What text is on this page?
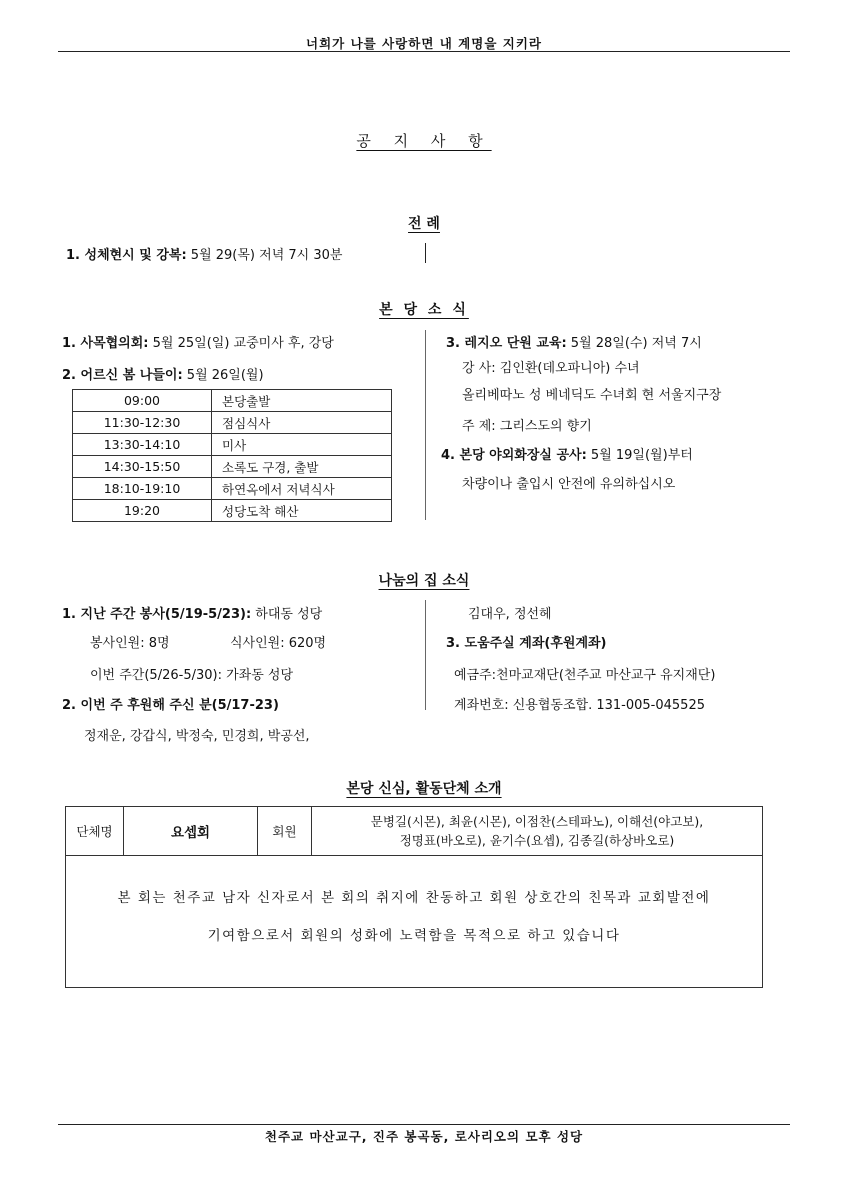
너희가 나를 사랑하면 내 계명을 지키라
공 지 사 항
전 례
1. 성체현시 및 강복: 5월 29(목) 저녁 7시 30분
본 당 소 식
1. 사목협의회: 5월 25일(일) 교중미사 후, 강당
2. 어르신 봄 나들이: 5월 26일(월)
09:00	본당출발
11:30-12:30	점심식사
13:30-14:10	미사
14:30-15:50	소록도 구경, 출발
18:10-19:10	하연옥에서 저녁식사
19:20	성당도착 해산
3. 레지오 단원 교육: 5월 28일(수) 저녁 7시
강 사: 김인환(데오파니아) 수녀
올리베따노 성 베네딕도 수녀회 현 서울지구장
주 제: 그리스도의 향기
4. 본당 야외화장실 공사: 5월 19일(월)부터
차량이나 출입시 안전에 유의하십시오
나눔의 집 소식
1. 지난 주간 봉사(5/19-5/23): 하대동 성당
봉사인원: 8명	식사인원: 620명
이번 주간(5/26-5/30): 가좌동 성당
2. 이번 주 후원해 주신 분(5/17-23)
정재운, 강갑식, 박정숙, 민경희, 박공선,
김대우, 정선헤
3. 도움주실 계좌(후원계좌)
예금주:천마교재단(천주교 마산교구 유지재단)
계좌번호: 신용협동조합. 131-005-045525
본당 신심, 활동단체 소개
단체명	요셉회	회원
문병길(시몬), 최윤(시몬), 이점찬(스테파노), 이해선(야고보),
정명표(바오로), 윤기수(요셉), 김종길(하상바오로)
본 회는 천주교 남자 신자로서 본 회의 취지에 찬동하고 회원 상호간의 친목과 교회발전에
기여함으로서 회원의 성화에 노력함을 목적으로 하고 있습니다
천주교 마산교구, 진주 봉곡동, 로사리오의 모후 성당
